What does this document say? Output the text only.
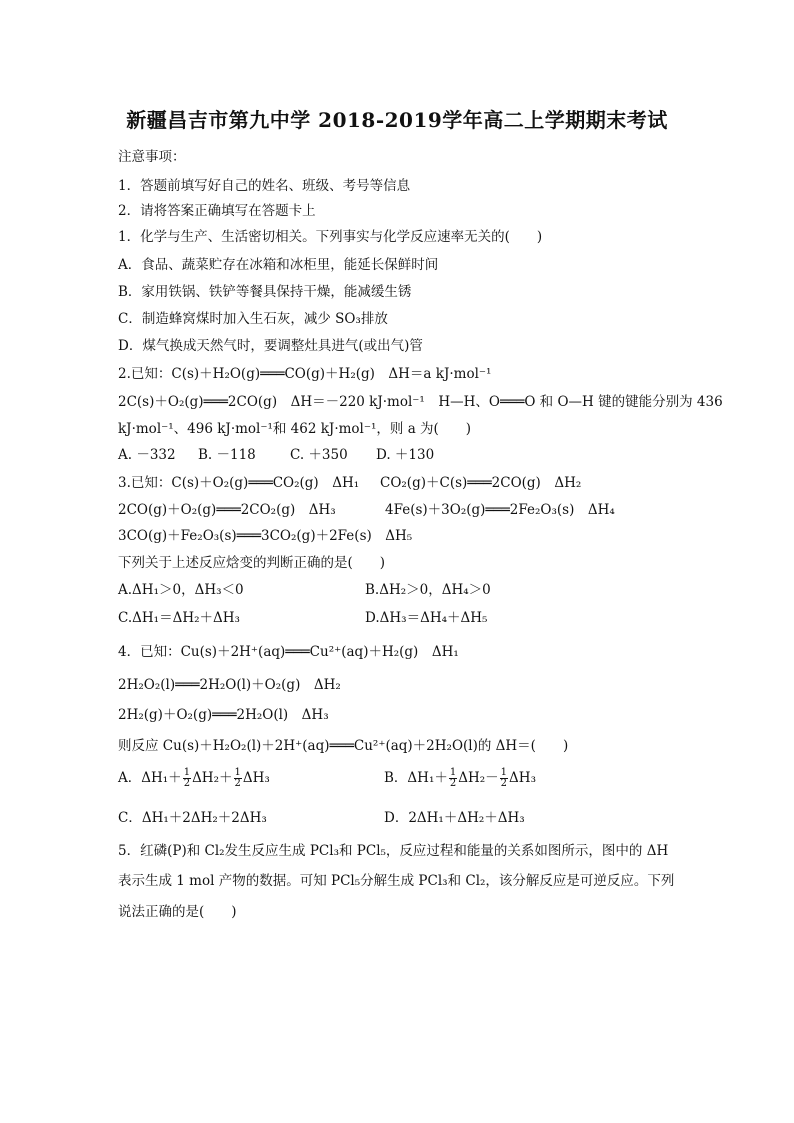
新疆昌吉市第九中学 2018-2019学年高二上学期期末考试
注意事项：
1．答题前填写好自己的姓名、班级、考号等信息
2．请将答案正确填写在答题卡上
1．化学与生产、生活密切相关。下列事实与化学反应速率无关的(　　)
A．食品、蔬菜贮存在冰箱和冰柜里，能延长保鲜时间
B．家用铁锅、铁铲等餐具保持干燥，能减缓生锈
C．制造蜂窝煤时加入生石灰，减少 SO₃排放
D．煤气换成天然气时，要调整灶具进气(或出气)管
2.已知：C(s)＋H₂O(g)═══CO(g)＋H₂(g)　ΔH＝a kJ·mol⁻¹
2C(s)＋O₂(g)═══2CO(g)　ΔH＝－220 kJ·mol⁻¹　H—H、O═══O 和 O—H 键的键能分别为 436
kJ·mol⁻¹、496 kJ·mol⁻¹和 462 kJ·mol⁻¹，则 a 为(　　)
A. －332 B. －118	C. ＋350 D. ＋130
3.已知：C(s)＋O₂(g)═══CO₂(g)　ΔH₁ CO₂(g)＋C(s)═══2CO(g)　ΔH₂
2CO(g)＋O₂(g)═══2CO₂(g)　ΔH₃	4Fe(s)＋3O₂(g)═══2Fe₂O₃(s)　ΔH₄
3CO(g)＋Fe₂O₃(s)═══3CO₂(g)＋2Fe(s)　ΔH₅
下列关于上述反应焓变的判断正确的是(　　)
A.ΔH₁＞0，ΔH₃＜0	B.ΔH₂＞0，ΔH₄＞0
C.ΔH₁＝ΔH₂＋ΔH₃	D.ΔH₃＝ΔH₄＋ΔH₅
4．已知：Cu(s)＋2H⁺(aq)═══Cu²⁺(aq)＋H₂(g)　ΔH₁
2H₂O₂(l)═══2H₂O(l)＋O₂(g)　ΔH₂
2H₂(g)＋O₂(g)═══2H₂O(l)　ΔH₃
则反应 Cu(s)＋H₂O₂(l)＋2H⁺(aq)═══Cu²⁺(aq)＋2H₂O(l)的 ΔH＝(　　)
A．$\Delta H_1+ \frac{1}{2} \Delta H_2+ \frac{1}{2} \Delta H_3$	B．$\Delta H_1+ \frac{1}{2} \Delta H_2- \frac{1}{2} \Delta H_3$
C．ΔH₁＋2ΔH₂＋2ΔH₃	D．2ΔH₁＋ΔH₂＋ΔH₃
5．红磷(P)和 Cl₂发生反应生成 PCl₃和 PCl₅，反应过程和能量的关系如图所示，图中的 ΔH
表示生成 1 mol 产物的数据。可知 PCl₅分解生成 PCl₃和 Cl₂，该分解反应是可逆反应。下列
说法正确的是(　　)
